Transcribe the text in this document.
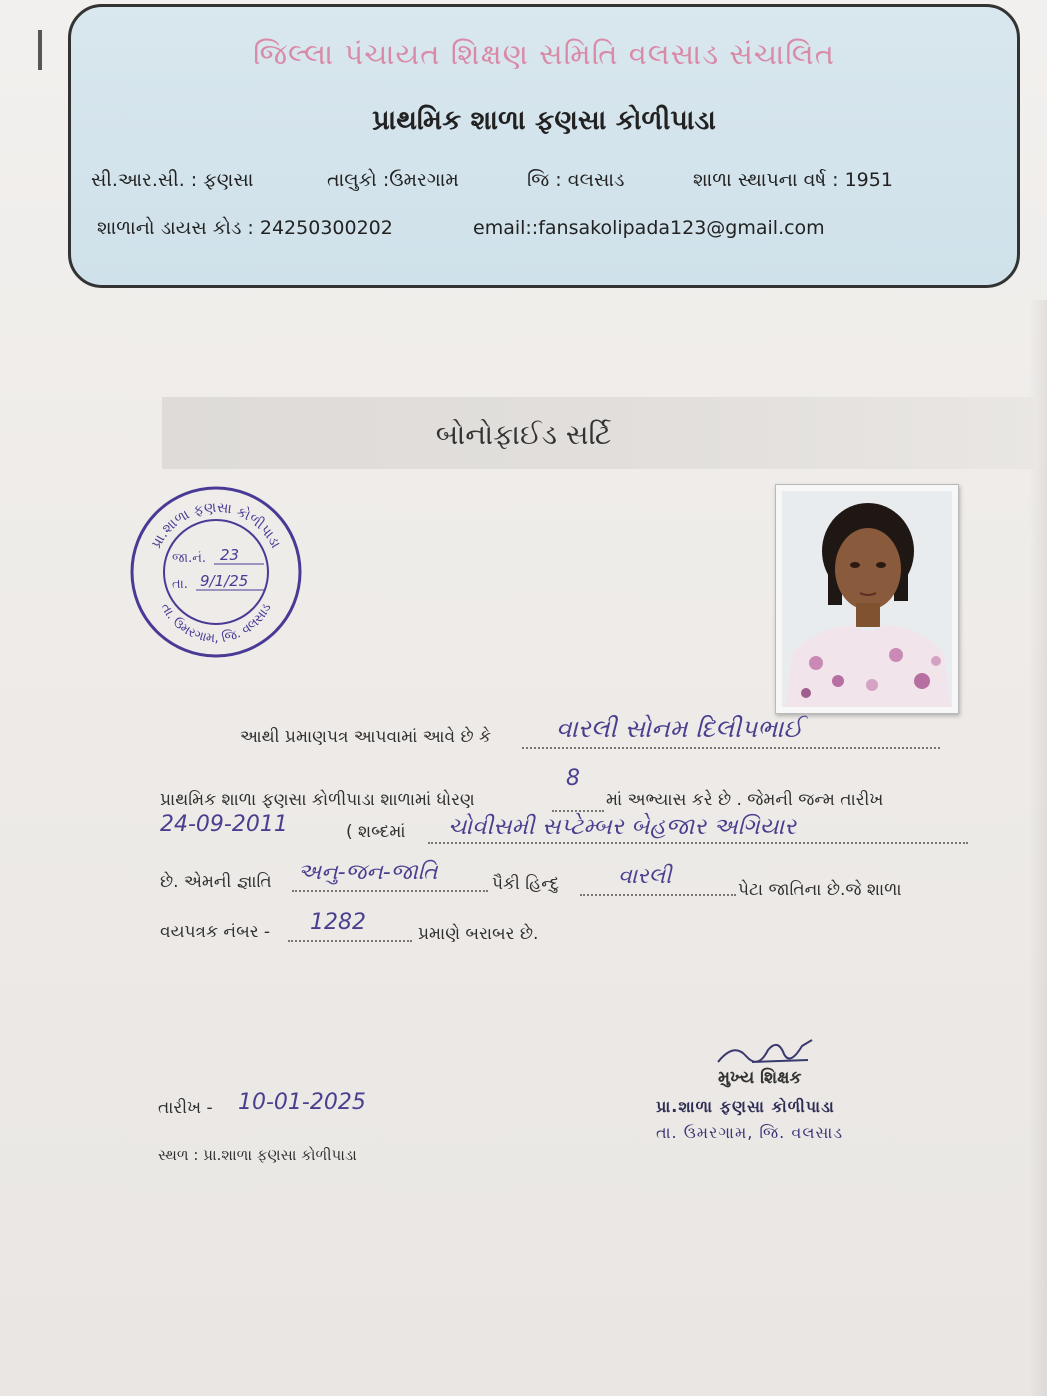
જિલ્લા પંચાયત શિક્ષણ સમિતિ વલસાડ સંચાલિત
પ્રાથમિક શાળા ફણસા કોળીપાડા
સી.આર.સી. : ફણસા	તાલુકો :ઉમરગામ	જિ : વલસાડ	શાળા સ્થાપના વર્ષ : 1951
શાળાનો ડાયસ કોડ : 24250300202	email::fansakolipada123@gmail.com
બોનોફાઈડ સર્ટિ
પ્રા.શાળા ફણસા કોળીપાડા
તા. ઉમરગામ, જિ. વલસાડ
જા.નં. 23
તા. 9/1/25
આથી પ્રમાણપત્ર આપવામાં આવે છે કે	વારલી સોનમ દિલીપભાઈ
પ્રાથમિક શાળા ફણસા કોળીપાડા શાળામાં ધોરણ
8
માં અભ્યાસ કરે છે . જેમની જન્મ તારીખ
24-09-2011	( શબ્દમાં ચોવીસમી સપ્ટેમ્બર બેહજાર અગિયાર
છે. એમની જ્ઞાતિ અનુ-જન-જાતિ	પૈકી હિન્દુ	વારલી
પેટા જાતિના છે.જે શાળા
વયપત્રક નંબર - 1282	પ્રમાણે બરાબર છે.
મુખ્ય શિક્ષક
પ્રા.શાળા ફણસા કોળીપાડા
તા. ઉમરગામ, જિ. વલસાડ
તારીખ - 10-01-2025
સ્થળ : પ્રા.શાળા ફણસા કોળીપાડા
